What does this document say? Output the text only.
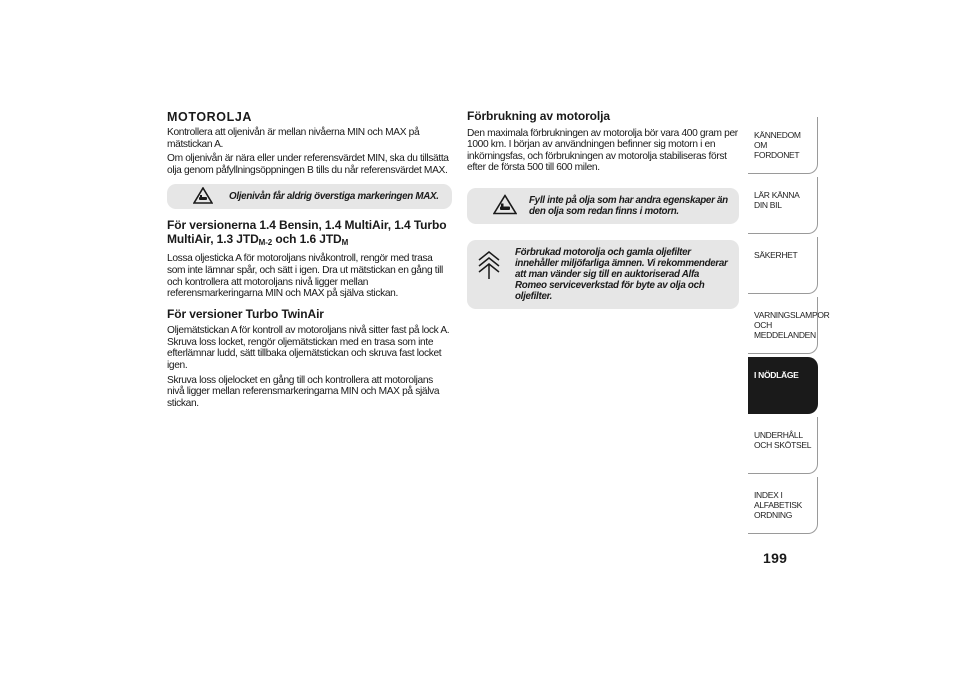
MOTOROLJA

Kontrollera att oljenivån är mellan nivåerna MIN och MAX på mätstickan A.

Om oljenivån är nära eller under referensvärdet MIN, ska du tillsätta olja genom påfyllningsöppningen B tills du når referensvärdet MAX.

Oljenivån får aldrig överstiga markeringen MAX.
För versionerna 1.4 Bensin, 1.4 MultiAir, 1.4 Turbo MultiAir, 1.3 $JTD_{M-2}$ och 1.6 $JTD_M$

Lossa oljesticka A för motoroljans nivåkontroll, rengör med trasa som inte lämnar spår, och sätt i igen. Dra ut mätstickan en gång till och kontrollera att motoroljans nivå ligger mellan referensmarkeringarna MIN och MAX på själva stickan.

För versioner Turbo TwinAir

Oljemätstickan A för kontroll av motoroljans nivå sitter fast på lock A. Skruva loss locket, rengör oljemätstickan med en trasa som inte efterlämnar ludd, sätt tillbaka oljemätstickan och skruva fast locket igen.

Skruva loss oljelocket en gång till och kontrollera att motoroljans nivå ligger mellan referensmarkeringarna MIN och MAX på själva stickan.

Förbrukning av motorolja

Den maximala förbrukningen av motorolja bör vara 400 gram per 1000 km. I början av användningen befinner sig motorn i en inkörningsfas, och förbrukningen av motorolja stabiliseras först efter de första 500 till 600 milen.

Fyll inte på olja som har andra egenskaper än den olja som redan finns i motorn.
Förbrukad motorolja och gamla oljefilter innehåller miljöfarliga ämnen. Vi rekommenderar att man vänder sig till en auktoriserad Alfa Romeo serviceverkstad för byte av olja och oljefilter.
KÄNNEDOM OM FORDONET
LÄR KÄNNA DIN BIL
SÄKERHET
VARNINGSLAMPOR OCH MEDDELANDEN
I NÖDLÄGE
UNDERHÅLL OCH SKÖTSEL
INDEX I ALFABETISK ORDNING
199
